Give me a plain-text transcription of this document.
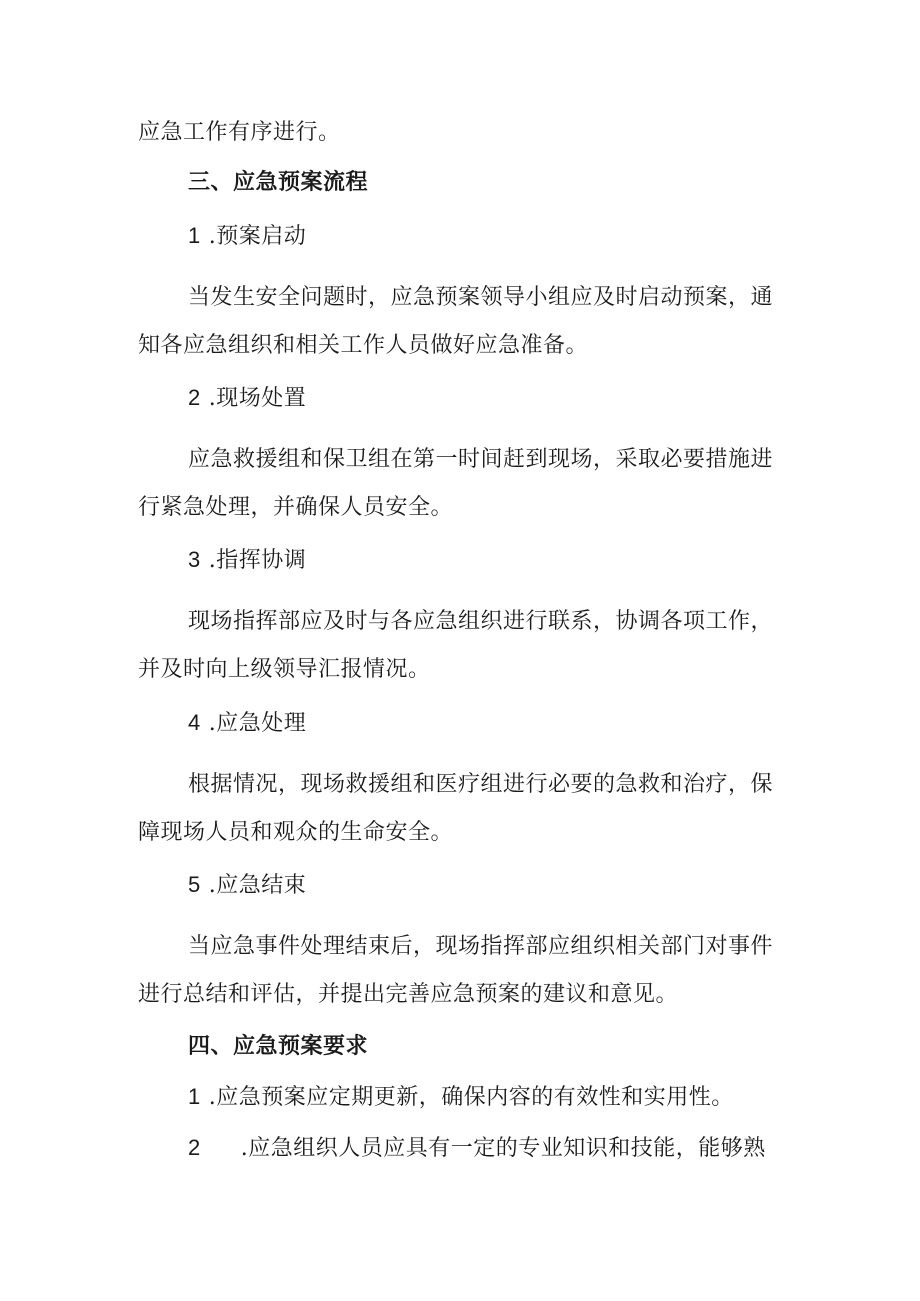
应急工作有序进行。
三、应急预案流程
1 .预案启动
当发生安全问题时，应急预案领导小组应及时启动预案，通
知各应急组织和相关工作人员做好应急准备。
2 .现场处置
应急救援组和保卫组在第一时间赶到现场，采取必要措施进
行紧急处理，并确保人员安全。
3 .指挥协调
现场指挥部应及时与各应急组织进行联系，协调各项工作，
并及时向上级领导汇报情况。
4 .应急处理
根据情况，现场救援组和医疗组进行必要的急救和治疗，保
障现场人员和观众的生命安全。
5 .应急结束
当应急事件处理结束后，现场指挥部应组织相关部门对事件
进行总结和评估，并提出完善应急预案的建议和意见。
四、应急预案要求
1 .应急预案应定期更新，确保内容的有效性和实用性。
2 .应急组织人员应具有一定的专业知识和技能，能够熟
